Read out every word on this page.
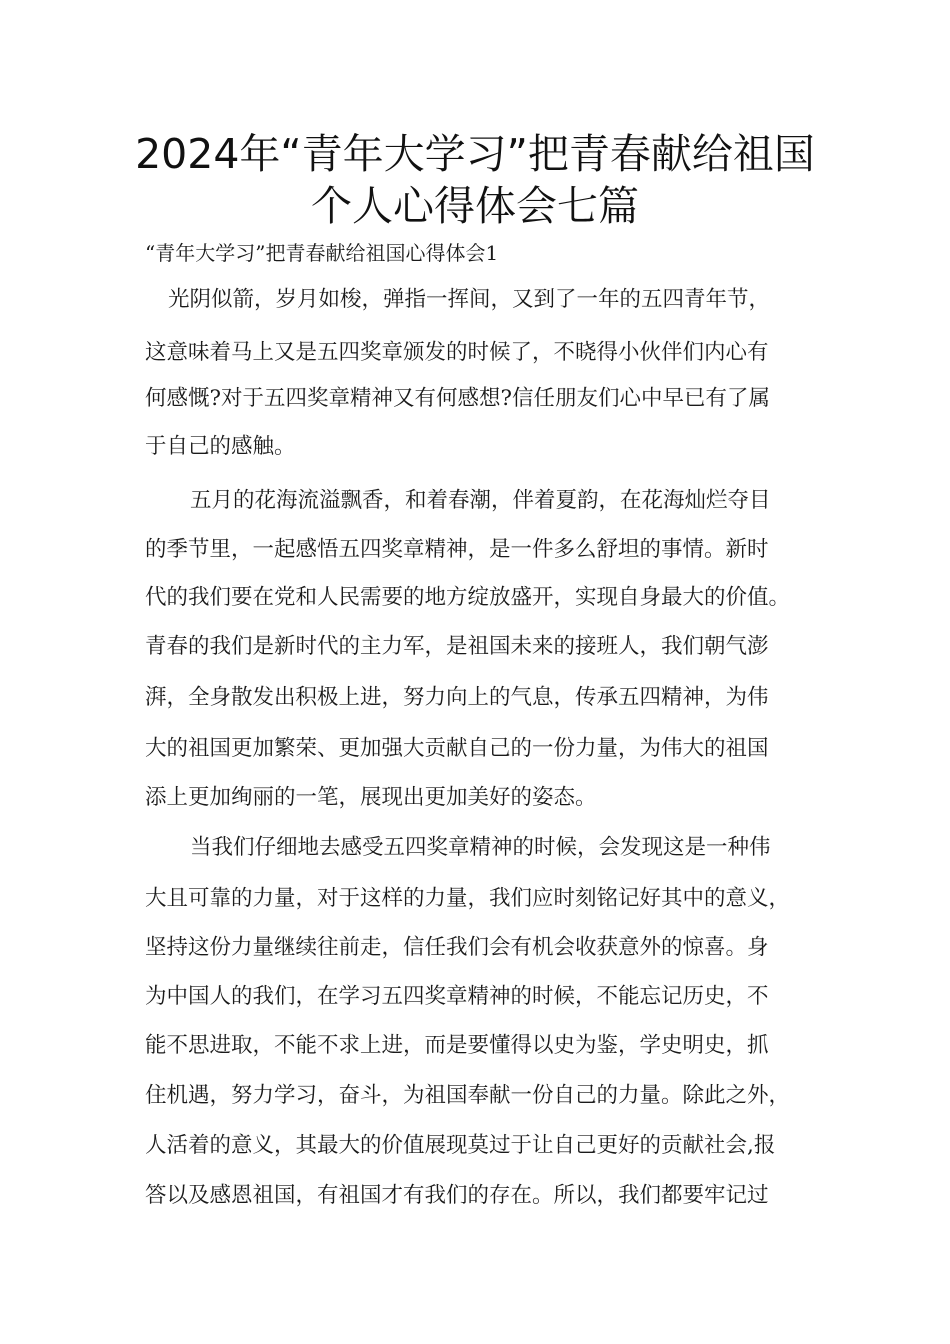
2024年“青年大学习”把青春献给祖国
个人心得体会七篇
“青年大学习”把青春献给祖国心得体会1
光阴似箭，岁月如梭，弹指一挥间，又到了一年的五四青年节，
这意味着马上又是五四奖章颁发的时候了，不晓得小伙伴们内心有
何感慨?对于五四奖章精神又有何感想?信任朋友们心中早已有了属
于自己的感触。
五月的花海流溢飘香，和着春潮，伴着夏韵，在花海灿烂夺目
的季节里，一起感悟五四奖章精神，是一件多么舒坦的事情。新时
代的我们要在党和人民需要的地方绽放盛开，实现自身最大的价值。
青春的我们是新时代的主力军，是祖国未来的接班人，我们朝气澎
湃，全身散发出积极上进，努力向上的气息，传承五四精神，为伟
大的祖国更加繁荣、更加强大贡献自己的一份力量，为伟大的祖国
添上更加绚丽的一笔，展现出更加美好的姿态。
当我们仔细地去感受五四奖章精神的时候，会发现这是一种伟
大且可靠的力量，对于这样的力量，我们应时刻铭记好其中的意义，
坚持这份力量继续往前走，信任我们会有机会收获意外的惊喜。身
为中国人的我们，在学习五四奖章精神的时候，不能忘记历史，不
能不思进取，不能不求上进，而是要懂得以史为鉴，学史明史，抓
住机遇，努力学习，奋斗，为祖国奉献一份自己的力量。除此之外，
人活着的意义，其最大的价值展现莫过于让自己更好的贡献社会,报
答以及感恩祖国，有祖国才有我们的存在。所以，我们都要牢记过
